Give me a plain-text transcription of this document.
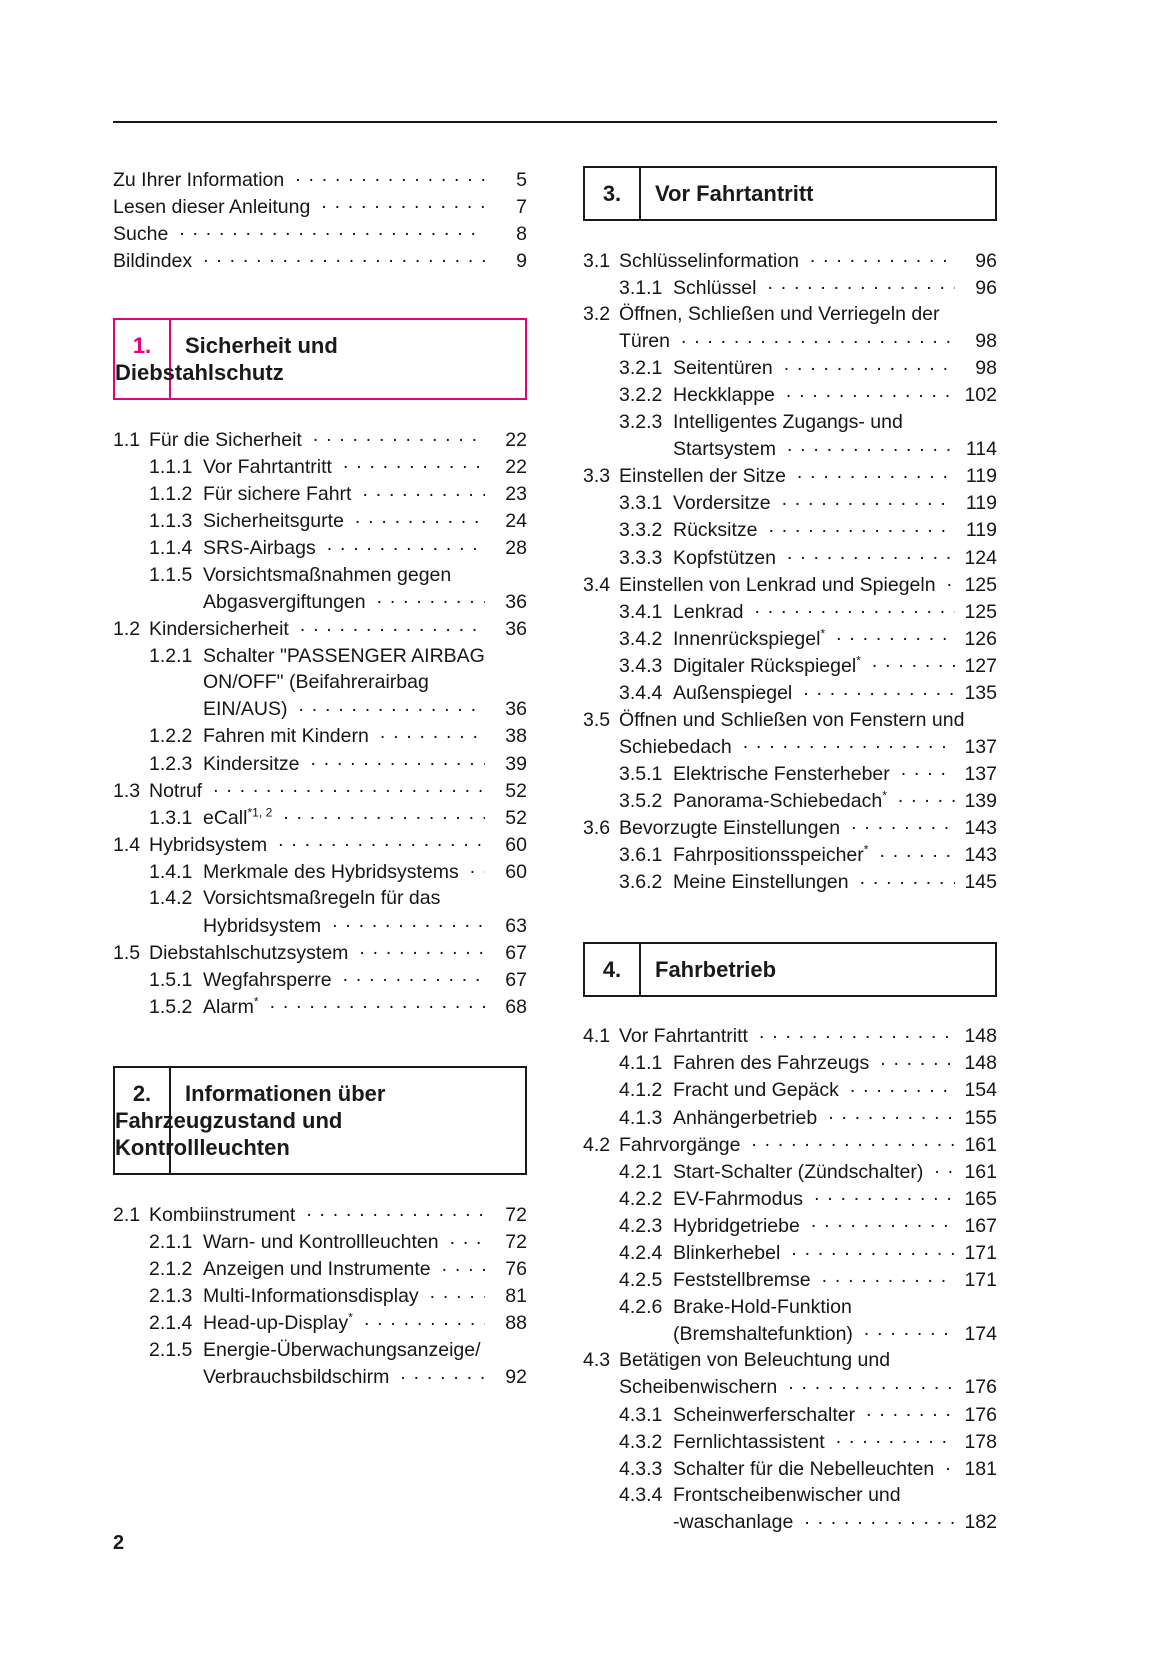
Zu Ihrer Information . . .	5
Lesen dieser Anleitung . . .	7
Suche . . .	8
Bildindex . . .	9
1.	Sicherheit und
Diebstahlschutz
1.1 Für die Sicherheit . . .	22
1.1.1 Vor Fahrtantritt . . .	22
1.1.2 Für sichere Fahrt . . .	23
1.1.3 Sicherheitsgurte . . .	24
1.1.4 SRS-Airbags . . .	28
1.1.5 Vorsichtsmaßnahmen gegen
Abgasvergiftungen . . .	36
1.2 Kindersicherheit . . .	36
1.2.1 Schalter "PASSENGER AIRBAG
ON/OFF" (Beifahrerairbag
EIN/AUS) . . .	36
1.2.2 Fahren mit Kindern . . .	38
1.2.3 Kindersitze . . .	39
1.3 Notruf . . .	52
1.3.1 eCall$^{*1, 2}$ . . .	52
1.4 Hybridsystem . . .	60
1.4.1 Merkmale des Hybridsystems . . .	60
1.4.2 Vorsichtsmaßregeln für das
Hybridsystem . . .	63
1.5 Diebstahlschutzsystem . . .	67
1.5.1 Wegfahrsperre . . .	67
1.5.2 Alarm* . . .	68
2.	Informationen über
Fahrzeugzustand und
Kontrollleuchten
2.1 Kombiinstrument . . .	72
2.1.1 Warn- und Kontrollleuchten . . .	72
2.1.2 Anzeigen und Instrumente . . .	76
2.1.3 Multi-Informationsdisplay . . .	81
2.1.4 Head-up-Display* . . .	88
2.1.5 Energie-Überwachungsanzeige/
Verbrauchsbildschirm . . .	92
3.	Vor Fahrtantritt
3.1 Schlüsselinformation . . .	96
3.1.1 Schlüssel . . .	96
3.2 Öffnen, Schließen und Verriegeln der
Türen . . .	98
3.2.1 Seitentüren . . .	98
3.2.2 Heckklappe . . .	102
3.2.3 Intelligentes Zugangs- und
Startsystem . . .	114
3.3 Einstellen der Sitze . . .	119
3.3.1 Vordersitze . . .	119
3.3.2 Rücksitze . . .	119
3.3.3 Kopfstützen . . .	124
3.4 Einstellen von Lenkrad und Spiegeln . . .	125
3.4.1 Lenkrad . . .	125
3.4.2 Innenrückspiegel* . . .	126
3.4.3 Digitaler Rückspiegel* . . .	127
3.4.4 Außenspiegel . . .	135
3.5 Öffnen und Schließen von Fenstern und
Schiebedach . . .	137
3.5.1 Elektrische Fensterheber . . .	137
3.5.2 Panorama-Schiebedach* . . .	139
3.6 Bevorzugte Einstellungen . . .	143
3.6.1 Fahrpositionsspeicher* . . .	143
3.6.2 Meine Einstellungen . . .	145
4.	Fahrbetrieb
4.1 Vor Fahrtantritt . . .	148
4.1.1 Fahren des Fahrzeugs . . .	148
4.1.2 Fracht und Gepäck . . .	154
4.1.3 Anhängerbetrieb . . .	155
4.2 Fahrvorgänge . . .	161
4.2.1 Start-Schalter (Zündschalter) . . .	161
4.2.2 EV-Fahrmodus . . .	165
4.2.3 Hybridgetriebe . . .	167
4.2.4 Blinkerhebel . . .	171
4.2.5 Feststellbremse . . .	171
4.2.6 Brake-Hold-Funktion
(Bremshaltefunktion) . . .	174
4.3 Betätigen von Beleuchtung und
Scheibenwischern . . .	176
4.3.1 Scheinwerferschalter . . .	176
4.3.2 Fernlichtassistent . . .	178
4.3.3 Schalter für die Nebelleuchten . . .	181
4.3.4 Frontscheibenwischer und
-waschanlage . . .	182
2
